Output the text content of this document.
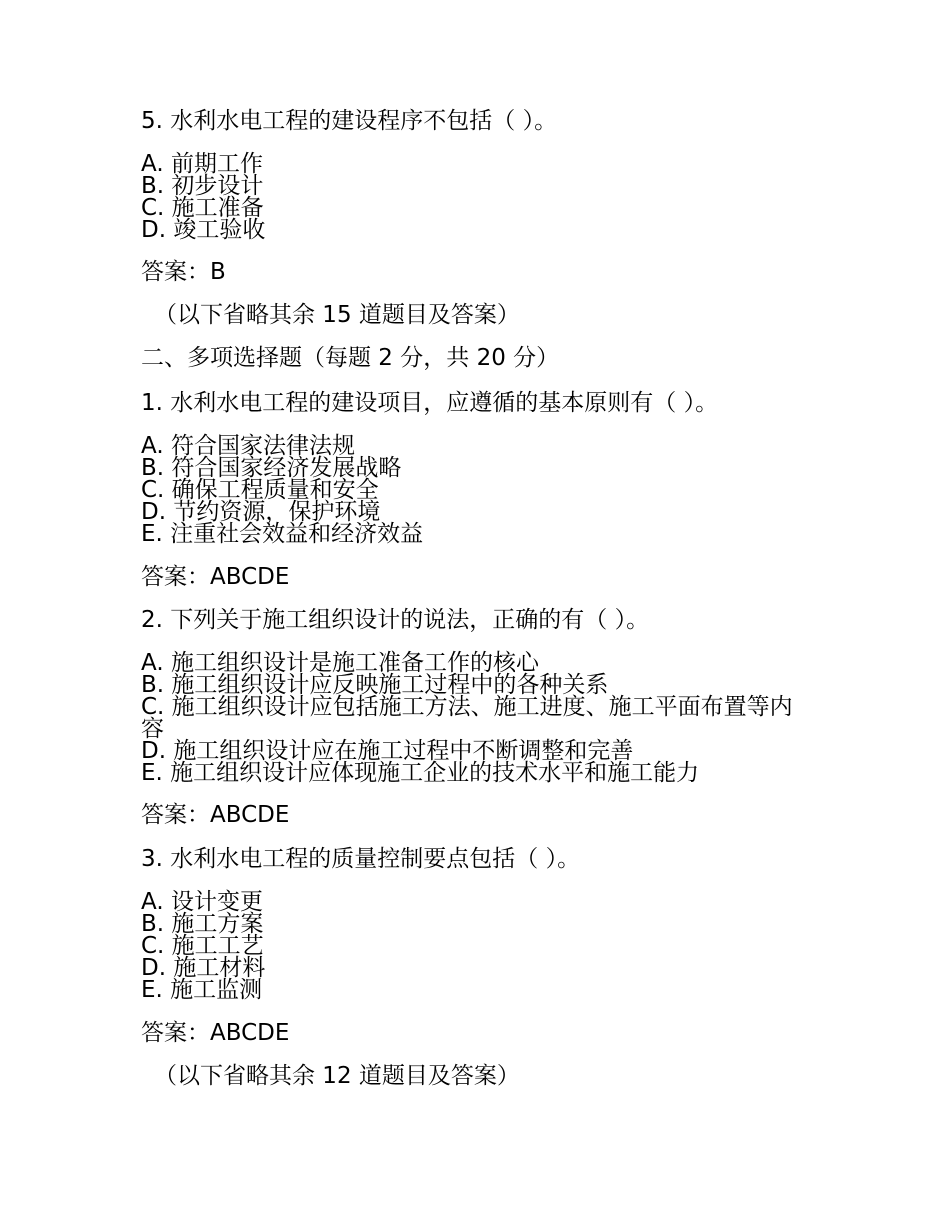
5. 水利水电工程的建设程序不包括（ ）。
A. 前期工作
B. 初步设计
C. 施工准备
D. 竣工验收
答案：B
（以下省略其余 15 道题目及答案）
二、多项选择题（每题 2 分，共 20 分）
1. 水利水电工程的建设项目，应遵循的基本原则有（ ）。
A. 符合国家法律法规
B. 符合国家经济发展战略
C. 确保工程质量和安全
D. 节约资源，保护环境
E. 注重社会效益和经济效益
答案：ABCDE
2. 下列关于施工组织设计的说法，正确的有（ ）。
A. 施工组织设计是施工准备工作的核心
B. 施工组织设计应反映施工过程中的各种关系
C. 施工组织设计应包括施工方法、施工进度、施工平面布置等内容
D. 施工组织设计应在施工过程中不断调整和完善
E. 施工组织设计应体现施工企业的技术水平和施工能力
答案：ABCDE
3. 水利水电工程的质量控制要点包括（ ）。
A. 设计变更
B. 施工方案
C. 施工工艺
D. 施工材料
E. 施工监测
答案：ABCDE
（以下省略其余 12 道题目及答案）
